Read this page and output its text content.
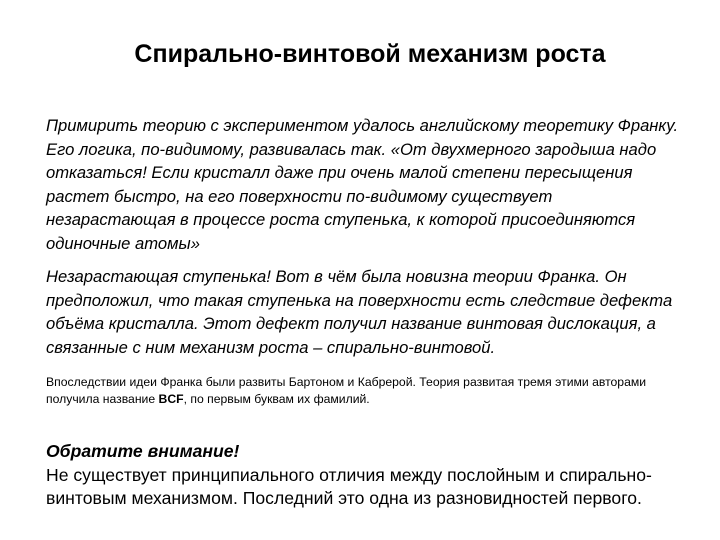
Спирально-винтовой механизм роста

Примирить теорию с экспериментом удалось английскому теоретику Франку. Его логика, по-видимому, развивалась так. «От двухмерного зародыша надо отказаться! Если кристалл даже при очень малой степени пересыщения растет быстро, на его поверхности по-видимому существует незарастающая в процессе роста ступенька, к которой присоединяются одиночные атомы»

Незарастающая ступенька! Вот в чём была новизна теории Франка. Он предположил, что такая ступенька на поверхности есть следствие дефекта объёма кристалла. Этот дефект получил название винтовая дислокация, а связанные с ним механизм роста – спирально-винтовой.

Впоследствии идеи Франка были развиты Бартоном и Кабрерой. Теория развитая тремя этими авторами получила название BCF, по первым буквам их фамилий.

Обратите внимание!
Не существует принципиального отличия между послойным и спирально-винтовым механизмом. Последний это одна из разновидностей первого.
